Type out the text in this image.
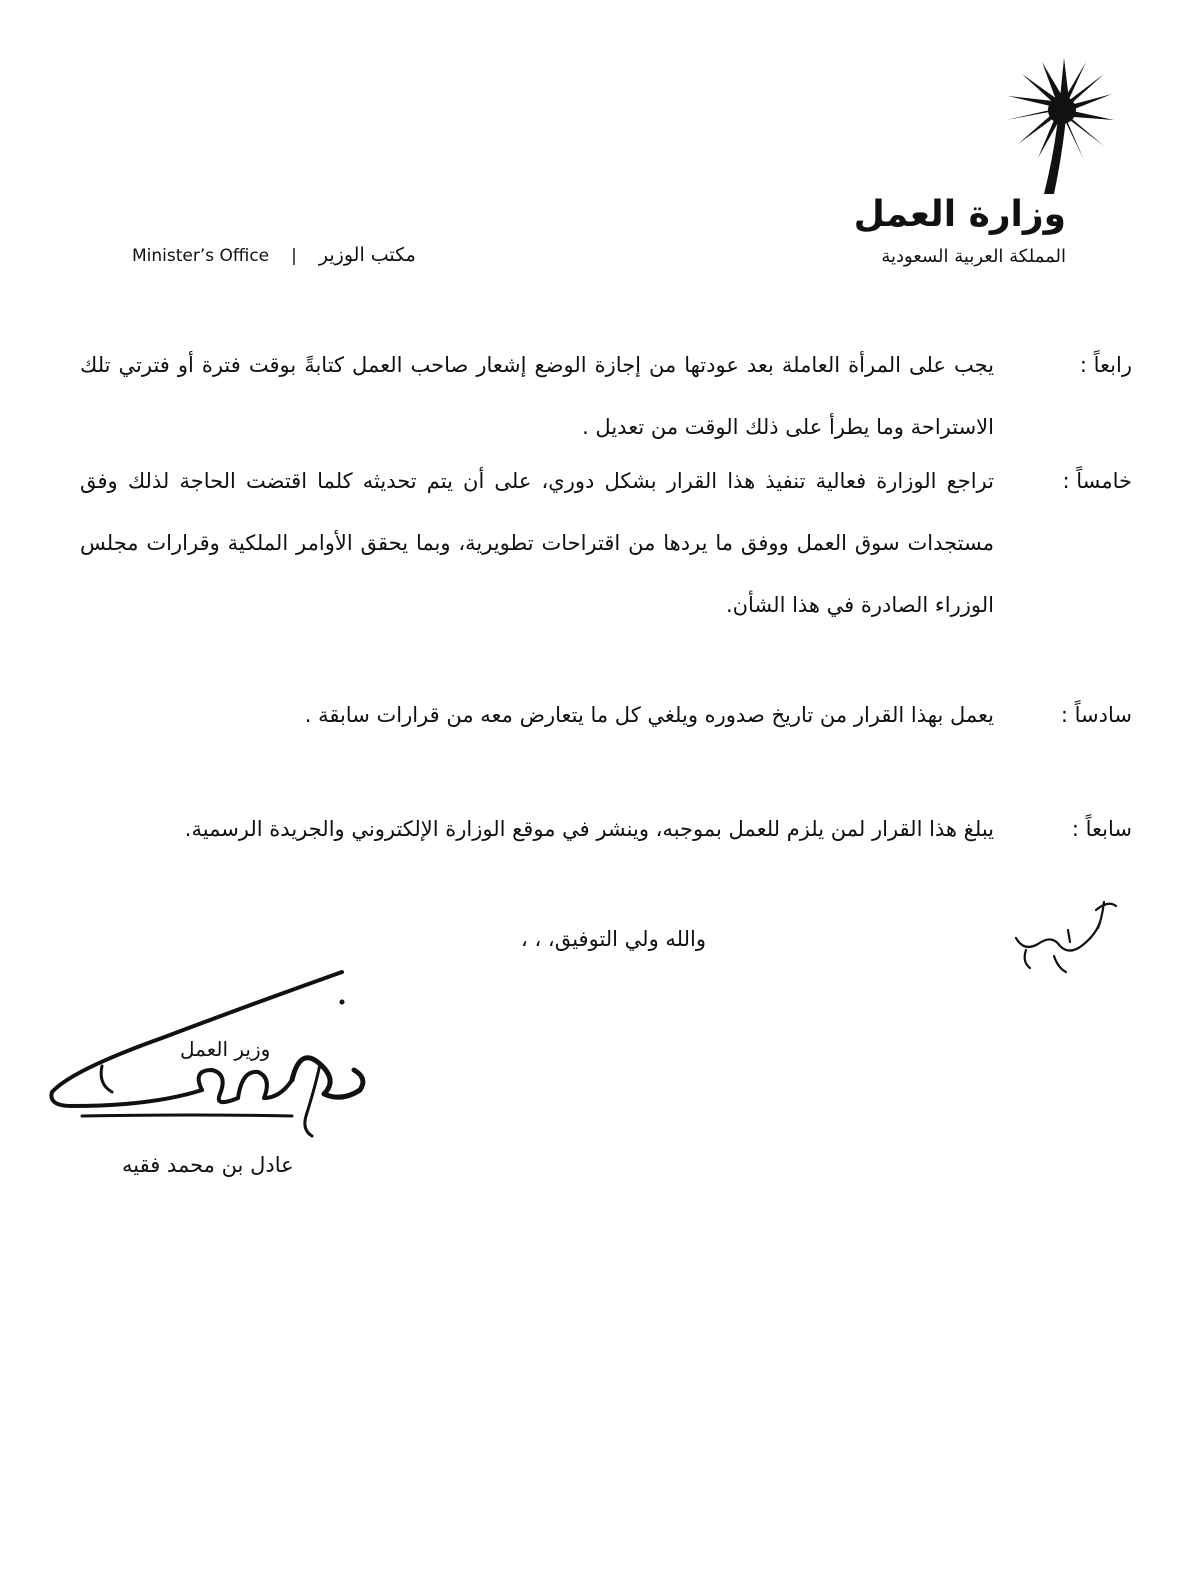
وزارة العمل
المملكة العربية السعودية
Minister’s Office | مكتب الوزير
رابعاً :
يجب على المرأة العاملة بعد عودتها من إجازة الوضع إشعار صاحب العمل كتابةً بوقت فترة أو فترتي تلك الاستراحة وما يطرأ على ذلك الوقت من تعديل .
خامساً :
تراجع الوزارة فعالية تنفيذ هذا القرار بشكل دوري، على أن يتم تحديثه كلما اقتضت الحاجة لذلك وفق مستجدات سوق العمل ووفق ما يردها من اقتراحات تطويرية، وبما يحقق الأوامر الملكية وقرارات مجلس الوزراء الصادرة في هذا الشأن.
سادساً :
يعمل بهذا القرار من تاريخ صدوره ويلغي كل ما يتعارض معه من قرارات سابقة .
سابعاً :
يبلغ هذا القرار لمن يلزم للعمل بموجبه، وينشر في موقع الوزارة الإلكتروني والجريدة الرسمية.
والله ولي التوفيق، ، ،
وزير العمل
عادل بن محمد فقيه
